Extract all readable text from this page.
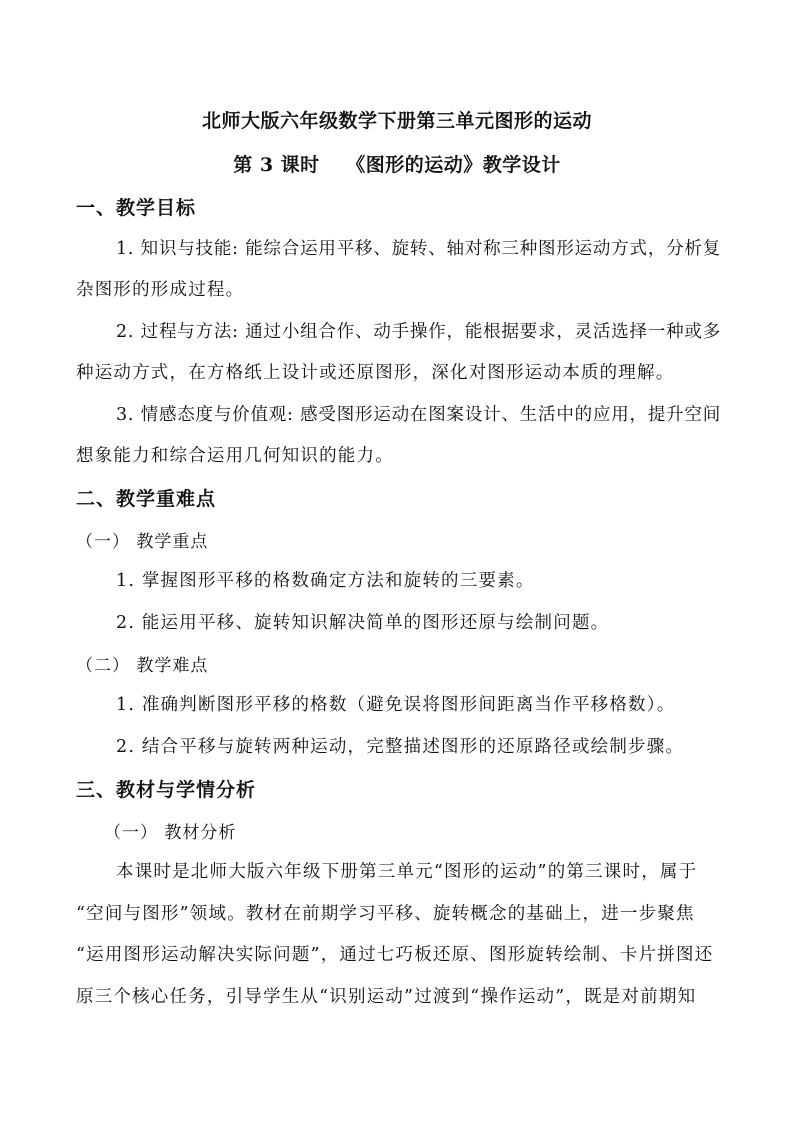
北师大版六年级数学下册第三单元图形的运动
第 3 课时　 《图形的运动》教学设计
一、教学目标
1. 知识与技能: 能综合运用平移、旋转、轴对称三种图形运动方式，分析复
杂图形的形成过程。
2. 过程与方法: 通过小组合作、动手操作，能根据要求，灵活选择一种或多
种运动方式，在方格纸上设计或还原图形，深化对图形运动本质的理解。
3. 情感态度与价值观: 感受图形运动在图案设计、生活中的应用，提升空间
想象能力和综合运用几何知识的能力。
二、教学重难点
（一） 教学重点
1. 掌握图形平移的格数确定方法和旋转的三要素。
2. 能运用平移、旋转知识解决简单的图形还原与绘制问题。
（二） 教学难点
1. 准确判断图形平移的格数（避免误将图形间距离当作平移格数）。
2. 结合平移与旋转两种运动，完整描述图形的还原路径或绘制步骤。
三、教材与学情分析
（一） 教材分析
本课时是北师大版六年级下册第三单元“图形的运动”的第三课时，属于
“空间与图形”领域。教材在前期学习平移、旋转概念的基础上，进一步聚焦
“运用图形运动解决实际问题”，通过七巧板还原、图形旋转绘制、卡片拼图还
原三个核心任务，引导学生从“识别运动”过渡到“操作运动”，既是对前期知
